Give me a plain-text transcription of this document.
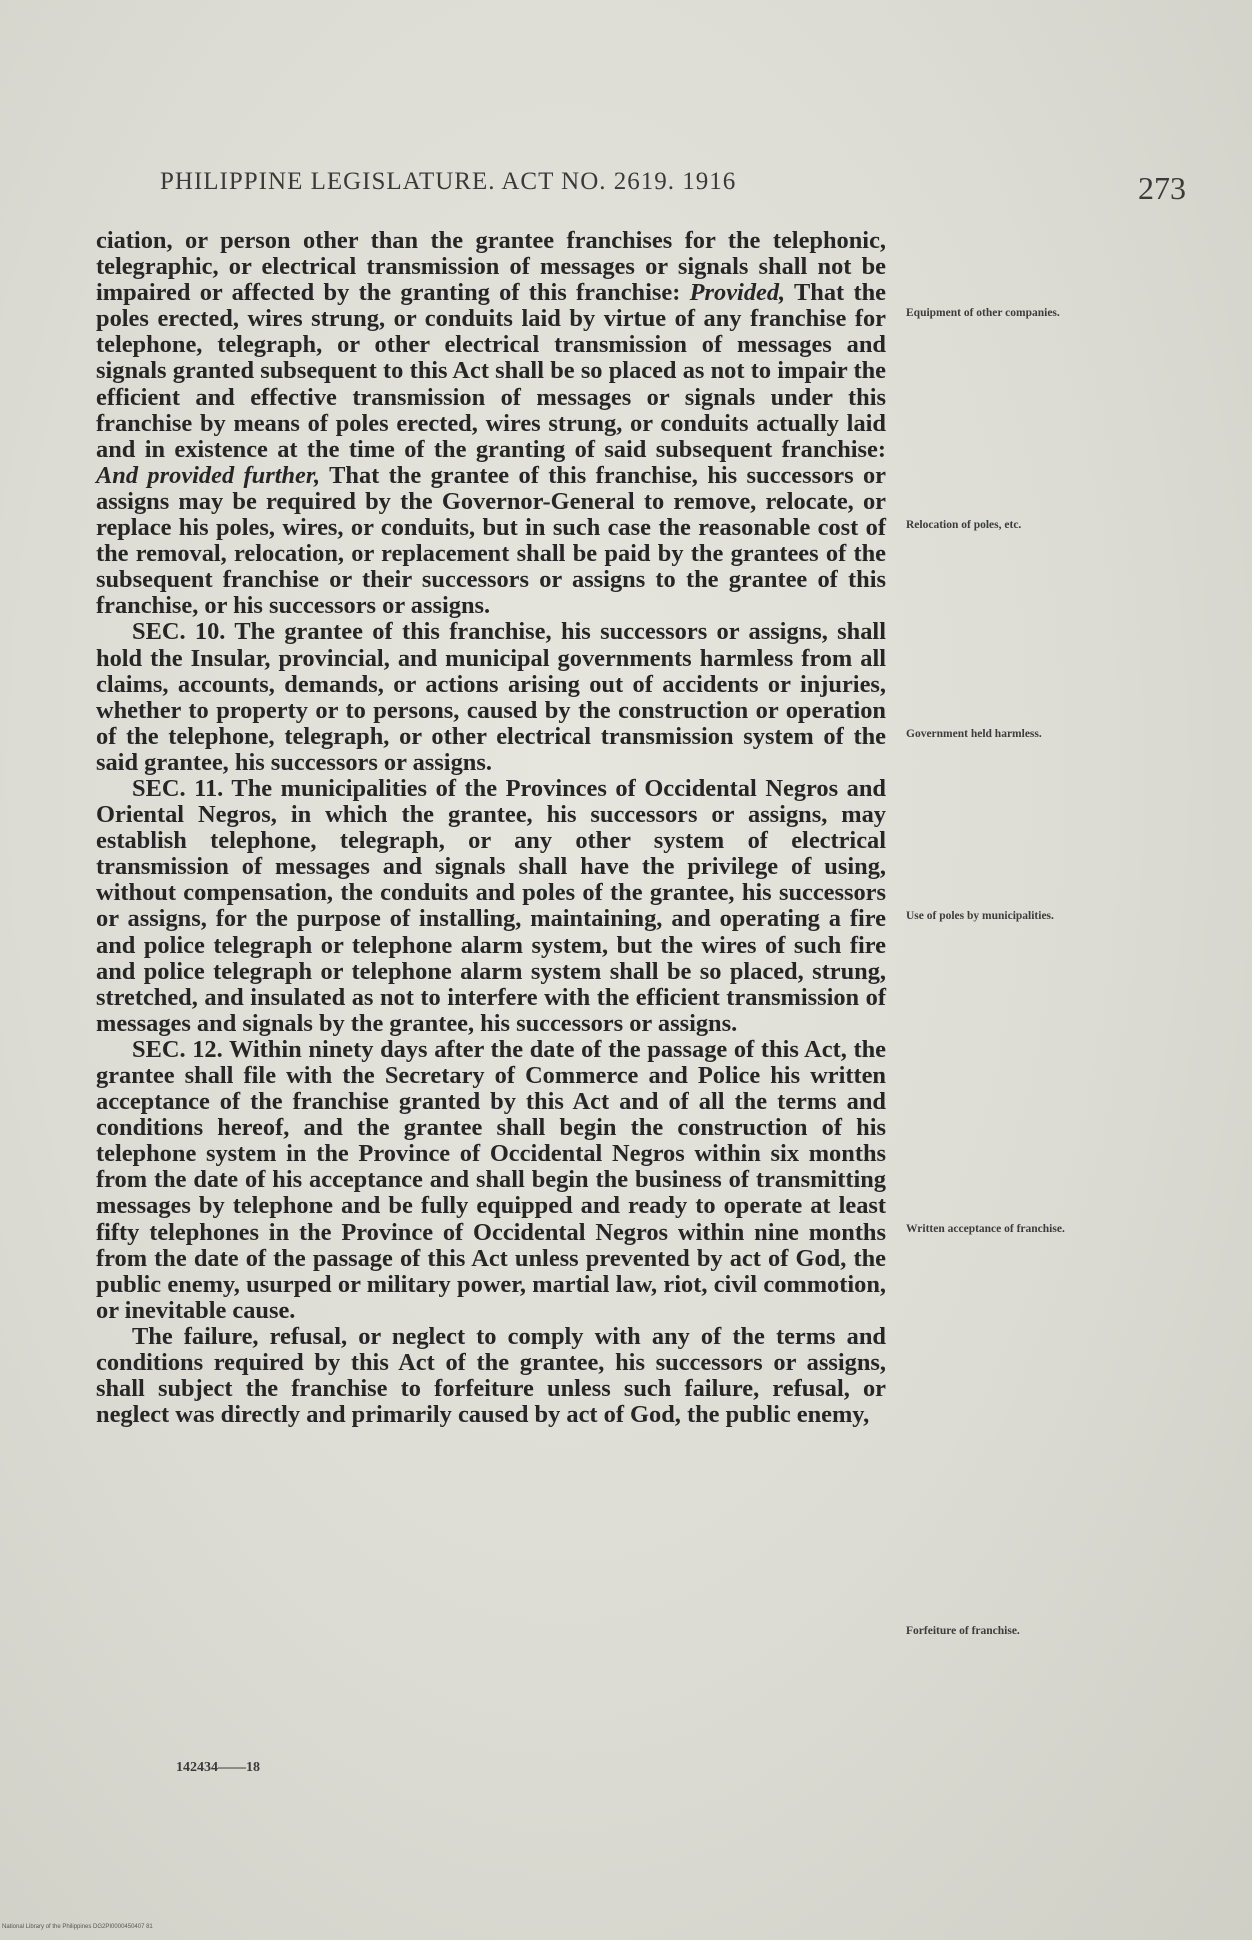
PHILIPPINE LEGISLATURE. ACT NO. 2619. 1916	273

ciation, or person other than the grantee franchises for the telephonic, telegraphic, or electrical transmission of messages or signals shall not be impaired or affected by the granting of this franchise: Provided, That the poles erected, wires strung, or conduits laid by virtue of any franchise for telephone, telegraph, or other electrical transmission of messages and signals granted subsequent to this Act shall be so placed as not to impair the efficient and effective transmission of messages or signals under this franchise by means of poles erected, wires strung, or conduits actually laid and in existence at the time of the granting of said subsequent franchise: And provided further, That the grantee of this franchise, his successors or assigns may be required by the Governor-General to remove, relocate, or replace his poles, wires, or conduits, but in such case the reasonable cost of the removal, relocation, or replacement shall be paid by the grantees of the subsequent franchise or their successors or assigns to the grantee of this franchise, or his successors or assigns.

SEC. 10. The grantee of this franchise, his successors or assigns, shall hold the Insular, provincial, and municipal governments harmless from all claims, accounts, demands, or actions arising out of accidents or injuries, whether to property or to persons, caused by the construction or operation of the telephone, telegraph, or other electrical transmission system of the said grantee, his successors or assigns.

SEC. 11. The municipalities of the Provinces of Occidental Negros and Oriental Negros, in which the grantee, his successors or assigns, may establish telephone, telegraph, or any other system of electrical transmission of messages and signals shall have the privilege of using, without compensation, the conduits and poles of the grantee, his successors or assigns, for the purpose of installing, maintaining, and operating a fire and police telegraph or telephone alarm system, but the wires of such fire and police telegraph or telephone alarm system shall be so placed, strung, stretched, and insulated as not to interfere with the efficient transmission of messages and signals by the grantee, his successors or assigns.

SEC. 12. Within ninety days after the date of the passage of this Act, the grantee shall file with the Secretary of Commerce and Police his written acceptance of the franchise granted by this Act and of all the terms and conditions hereof, and the grantee shall begin the construction of his telephone system in the Province of Occidental Negros within six months from the date of his acceptance and shall begin the business of transmitting messages by telephone and be fully equipped and ready to operate at least fifty telephones in the Province of Occidental Negros within nine months from the date of the passage of this Act unless prevented by act of God, the public enemy, usurped or military power, martial law, riot, civil commotion, or inevitable cause.

The failure, refusal, or neglect to comply with any of the terms and conditions required by this Act of the grantee, his successors or assigns, shall subject the franchise to forfeiture unless such failure, refusal, or neglect was directly and primarily caused by act of God, the public enemy,

Equipment of other companies.
Relocation of poles, etc.
Government held harmless.
Use of poles by municipalities.
Written acceptance of franchise.
Forfeiture of franchise.
142434——18
National Library of the Philippines DG2PI0000450407 81
